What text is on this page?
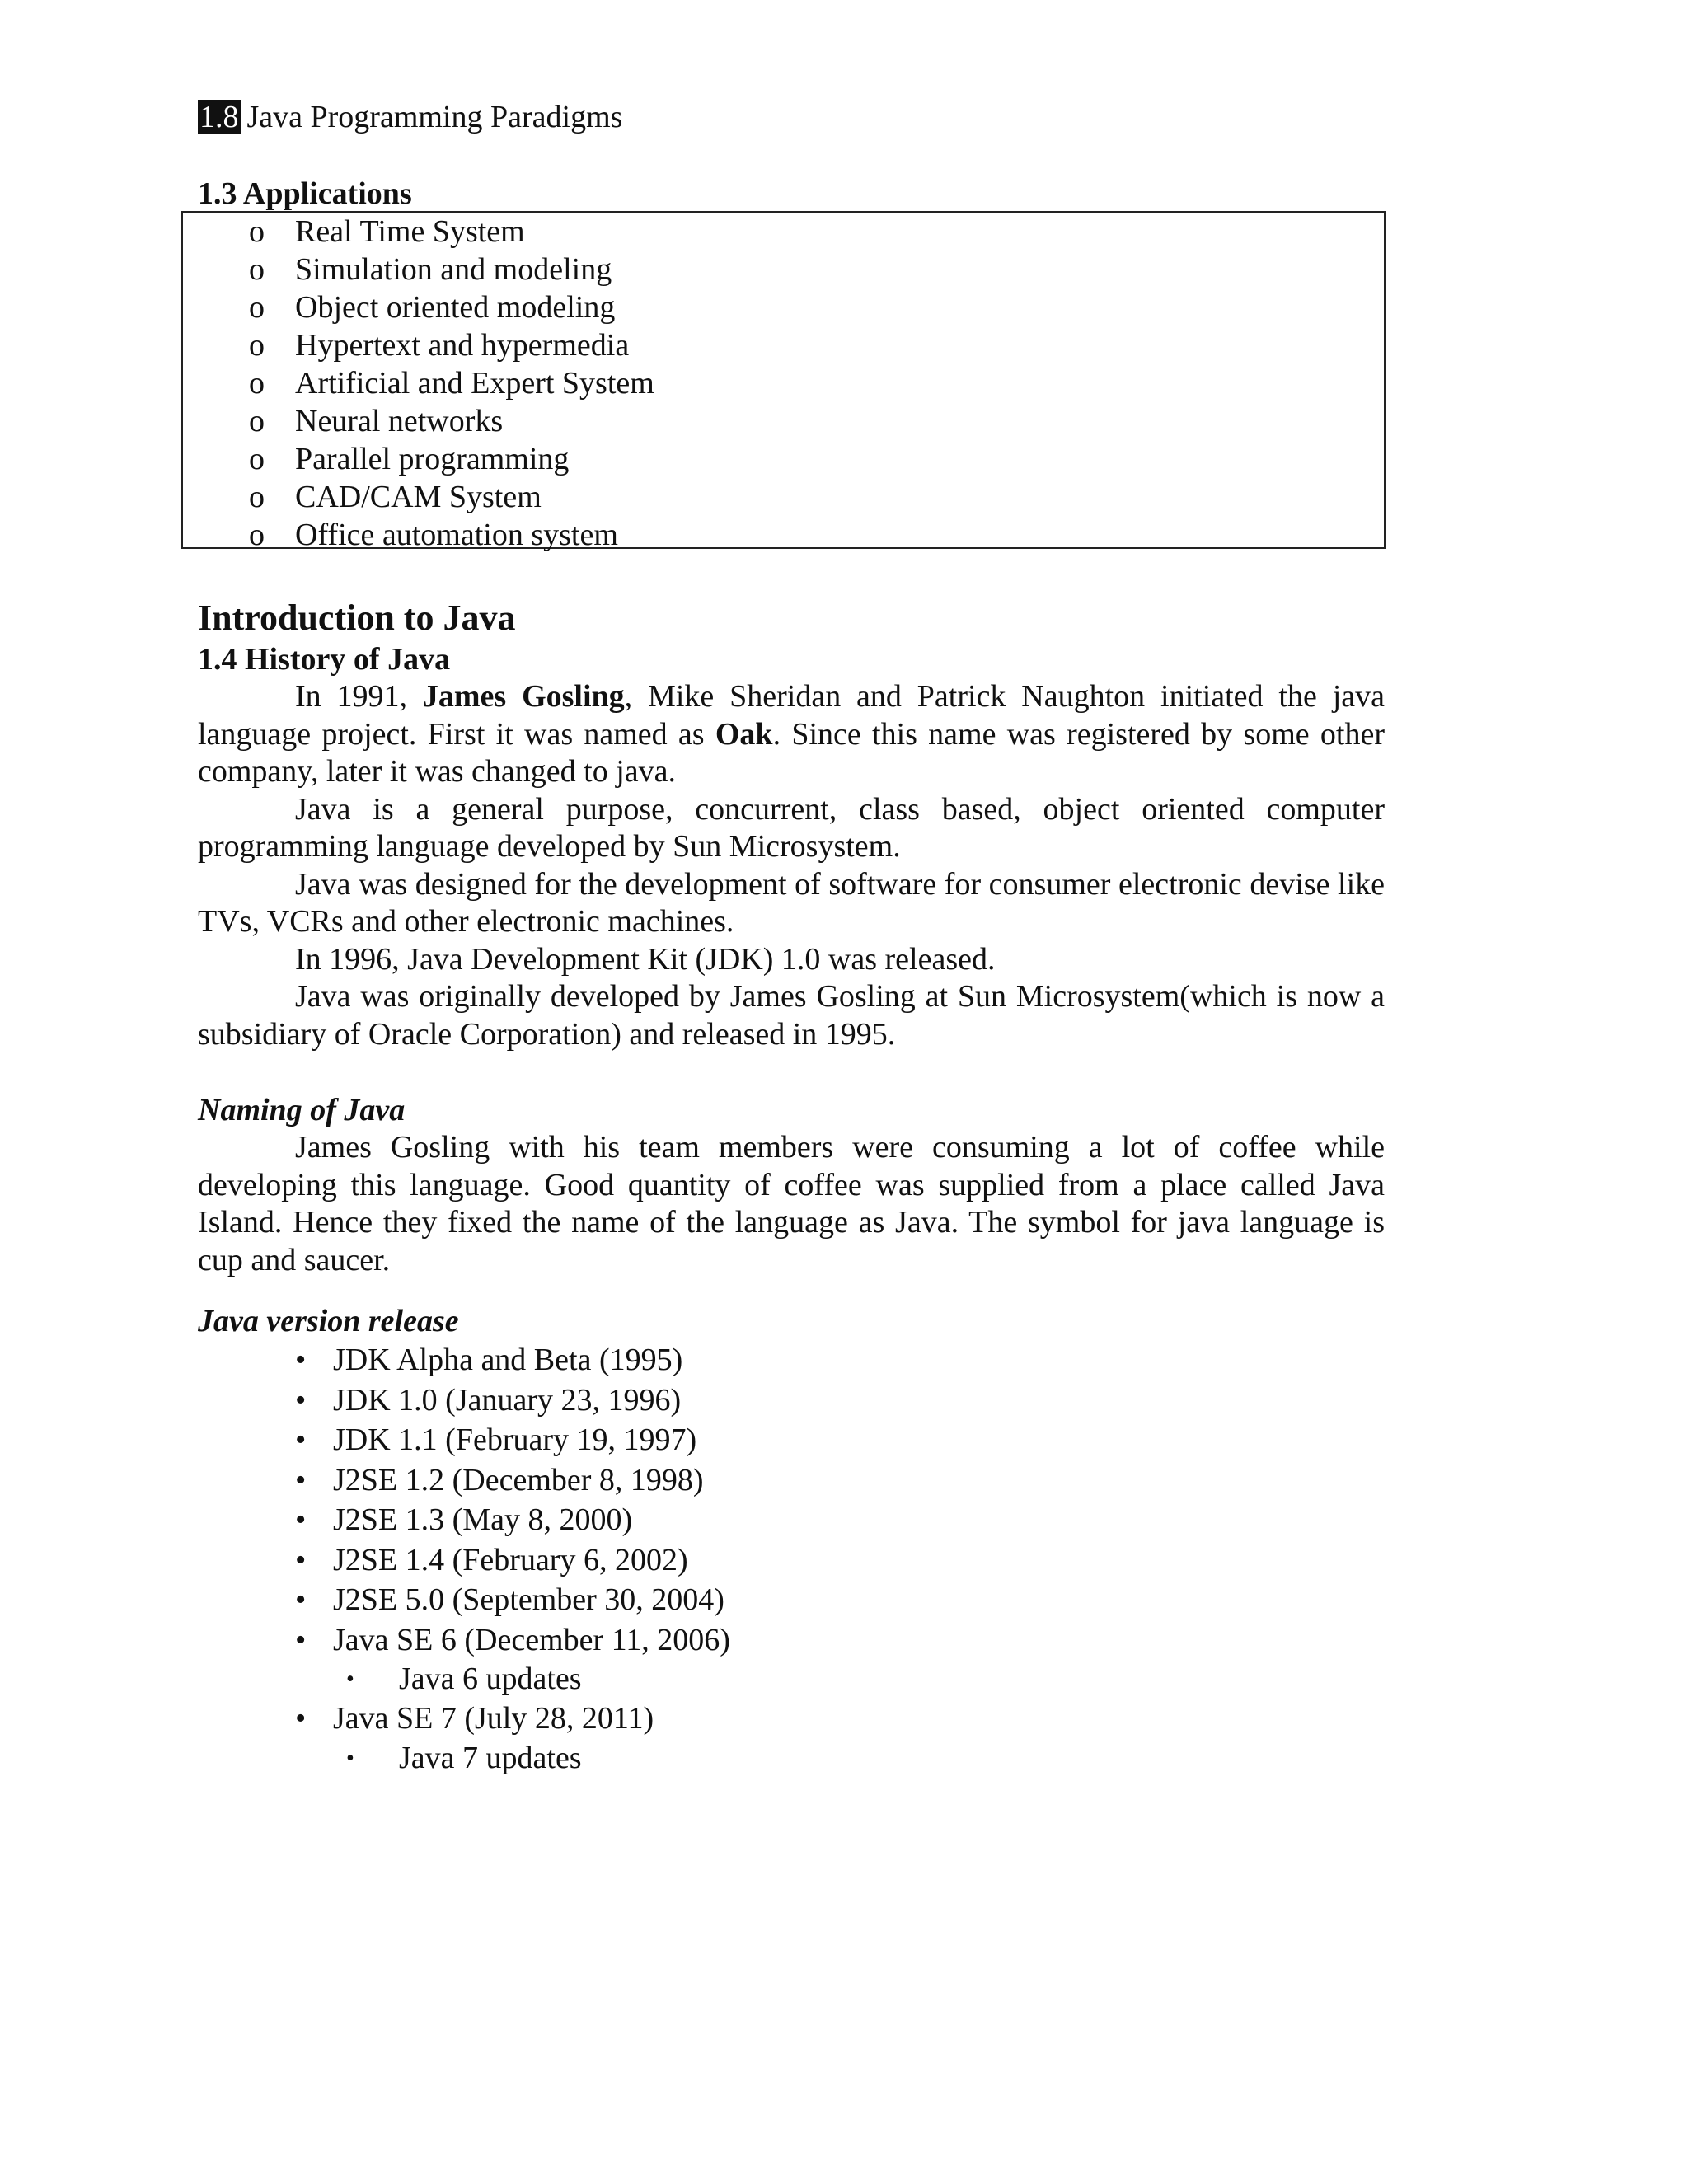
1.8 Java Programming Paradigms
1.3 Applications
o Real Time System
o Simulation and modeling
o Object oriented modeling
o Hypertext and hypermedia
o Artificial and Expert System
o Neural networks
o Parallel programming
o CAD/CAM System
o Office automation system
Introduction to Java
1.4 History of Java

In 1991, James Gosling, Mike Sheridan and Patrick Naughton initiated the java language project. First it was named as Oak. Since this name was registered by some other company, later it was changed to java.

Java is a general purpose, concurrent, class based, object oriented computer programming language developed by Sun Microsystem.

Java was designed for the development of software for consumer electronic devise like TVs, VCRs and other electronic machines.

In 1996, Java Development Kit (JDK) 1.0 was released.

Java was originally developed by James Gosling at Sun Microsystem(which is now a subsidiary of Oracle Corporation) and released in 1995.

Naming of Java

James Gosling with his team members were consuming a lot of coffee while developing this language. Good quantity of coffee was supplied from a place called Java Island. Hence they fixed the name of the language as Java. The symbol for java language is cup and saucer.

Java version release
• JDK Alpha and Beta (1995)
• JDK 1.0 (January 23, 1996)
• JDK 1.1 (February 19, 1997)
• J2SE 1.2 (December 8, 1998)
• J2SE 1.3 (May 8, 2000)
• J2SE 1.4 (February 6, 2002)
• J2SE 5.0 (September 30, 2004)
• Java SE 6 (December 11, 2006)
• Java 6 updates
• Java SE 7 (July 28, 2011)
• Java 7 updates
